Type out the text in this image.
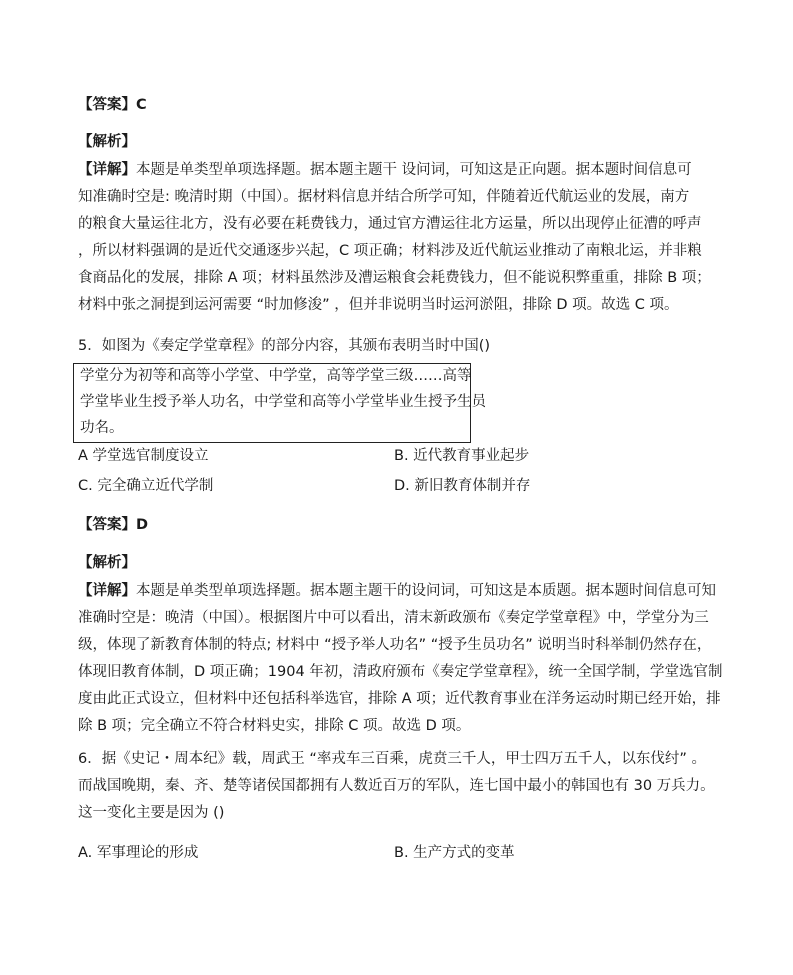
【答案】C
【解析】
【详解】本题是单类型单项选择题。据本题主题干 设问词，可知这是正向题。据本题时间信息可
知准确时空是: 晚清时期（中国）。据材料信息并结合所学可知，伴随着近代航运业的发展，南方
的粮食大量运往北方，没有必要在耗费钱力，通过官方漕运往北方运量，所以出现停止征漕的呼声
，所以材料强调的是近代交通逐步兴起，C 项正确；材料涉及近代航运业推动了南粮北运，并非粮
食商品化的发展，排除 A 项；材料虽然涉及漕运粮食会耗费钱力，但不能说积弊重重，排除 B 项；
材料中张之洞提到运河需要 “时加修浚” ，但并非说明当时运河淤阻，排除 D 项。故选 C 项。
5．如图为《奏定学堂章程》的部分内容，其颁布表明当时中国()
学堂分为初等和高等小学堂、中学堂，高等学堂三级……高等
学堂毕业生授予举人功名，中学堂和高等小学堂毕业生授予生员
功名。
A 学堂选官制度设立	B. 近代教育事业起步
C. 完全确立近代学制	D. 新旧教育体制并存
【答案】D
【解析】
【详解】本题是单类型单项选择题。据本题主题干的设问词，可知这是本质题。据本题时间信息可知
准确时空是：晚清（中国）。根据图片中可以看出，清末新政颁布《奏定学堂章程》中，学堂分为三
级，体现了新教育体制的特点; 材料中 “授予举人功名” “授予生员功名” 说明当时科举制仍然存在，
体现旧教育体制，D 项正确；1904 年初，清政府颁布《奏定学堂章程》，统一全国学制，学堂选官制
度由此正式设立，但材料中还包括科举选官，排除 A 项；近代教育事业在洋务运动时期已经开始，排
除 B 项；完全确立不符合材料史实，排除 C 项。故选 D 项。
6．据《史记・周本纪》载，周武王 “率戎车三百乘，虎贲三千人，甲士四万五千人，以东伐纣” 。
而战国晚期，秦、齐、楚等诸侯国都拥有人数近百万的军队，连七国中最小的韩国也有 30 万兵力。
这一变化主要是因为 ()
A. 军事理论的形成	B. 生产方式的变革
